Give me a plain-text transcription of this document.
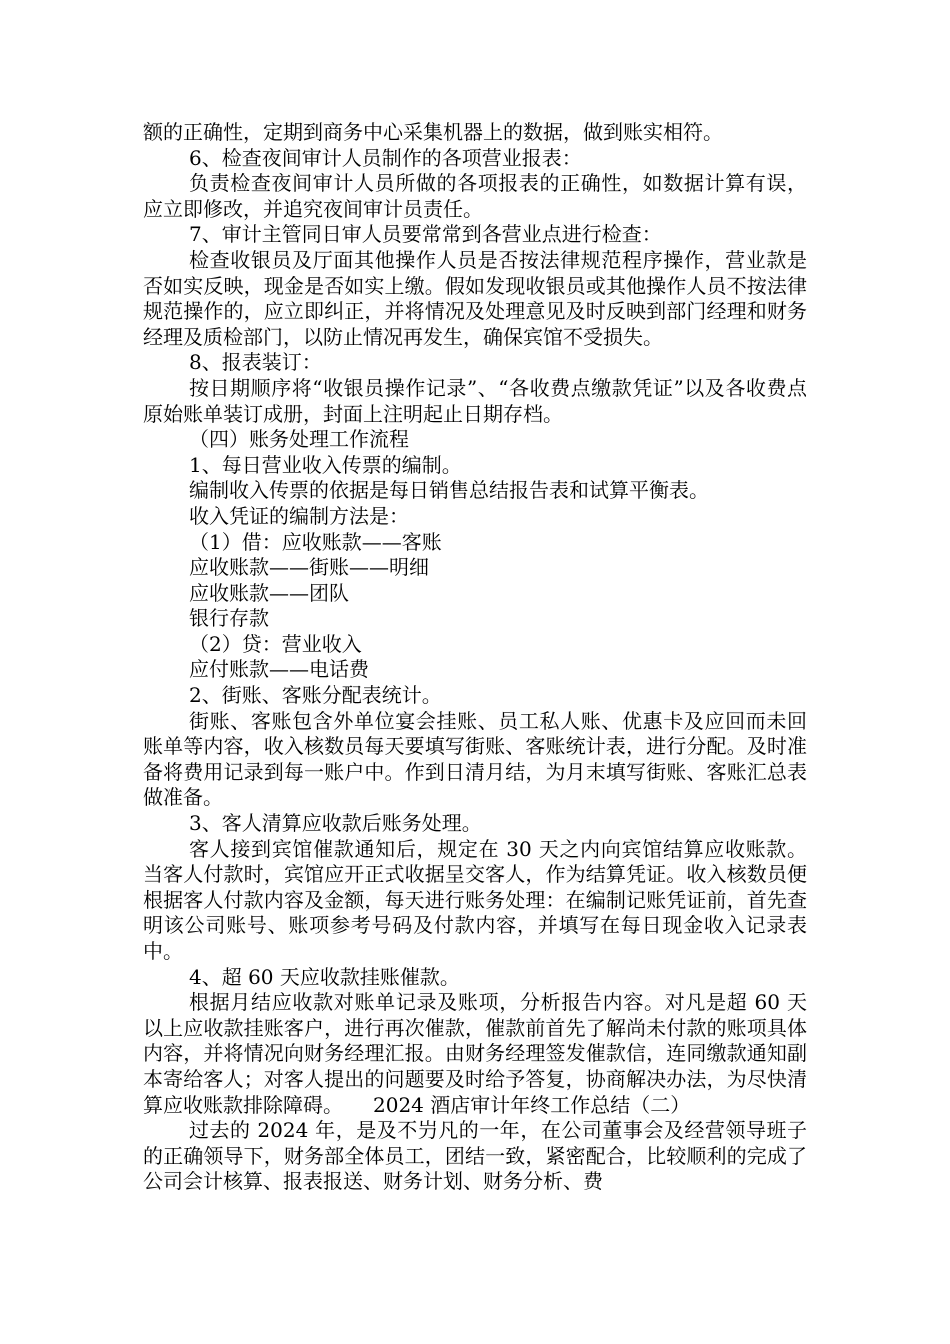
额的正确性，定期到商务中心采集机器上的数据，做到账实相符。

6、检查夜间审计人员制作的各项营业报表：

负责检查夜间审计人员所做的各项报表的正确性，如数据计算有误，应立即修改，并追究夜间审计员责任。

7、审计主管同日审人员要常常到各营业点进行检查：

检查收银员及厅面其他操作人员是否按法律规范程序操作，营业款是否如实反映，现金是否如实上缴。假如发现收银员或其他操作人员不按法律规范操作的，应立即纠正，并将情况及处理意见及时反映到部门经理和财务经理及质检部门，以防止情况再发生，确保宾馆不受损失。

8、报表装订：

按日期顺序将“收银员操作记录”、“各收费点缴款凭证”以及各收费点原始账单装订成册，封面上注明起止日期存档。

（四）账务处理工作流程

1、每日营业收入传票的编制。

编制收入传票的依据是每日销售总结报告表和试算平衡表。

收入凭证的编制方法是：

（1）借：应收账款——客账

应收账款——街账——明细

应收账款——团队

银行存款

（2）贷：营业收入

应付账款——电话费

2、街账、客账分配表统计。

街账、客账包含外单位宴会挂账、员工私人账、优惠卡及应回而未回账单等内容，收入核数员每天要填写街账、客账统计表，进行分配。及时准备将费用记录到每一账户中。作到日清月结，为月末填写街账、客账汇总表做准备。

3、客人清算应收款后账务处理。

客人接到宾馆催款通知后，规定在 30 天之内向宾馆结算应收账款。当客人付款时，宾馆应开正式收据呈交客人，作为结算凭证。收入核数员便根据客人付款内容及金额，每天进行账务处理：在编制记账凭证前，首先查明该公司账号、账项参考号码及付款内容，并填写在每日现金收入记录表中。

4、超 60 天应收款挂账催款。

根据月结应收款对账单记录及账项，分析报告内容。对凡是超 60 天以上应收款挂账客户，进行再次催款，催款前首先了解尚未付款的账项具体内容，并将情况向财务经理汇报。由财务经理签发催款信，连同缴款通知副本寄给客人；对客人提出的问题要及时给予答复，协商解决办法，为尽快清算应收账款排除障碍。　　2024 酒店审计年终工作总结（二）

过去的 2024 年，是及不屶凡的一年，在公司董事会及经营领导班子的正确领导下，财务部全体员工，团结一致，紧密配合，比较顺利的完成了公司会计核算、报表报送、财务计划、财务分析、费
